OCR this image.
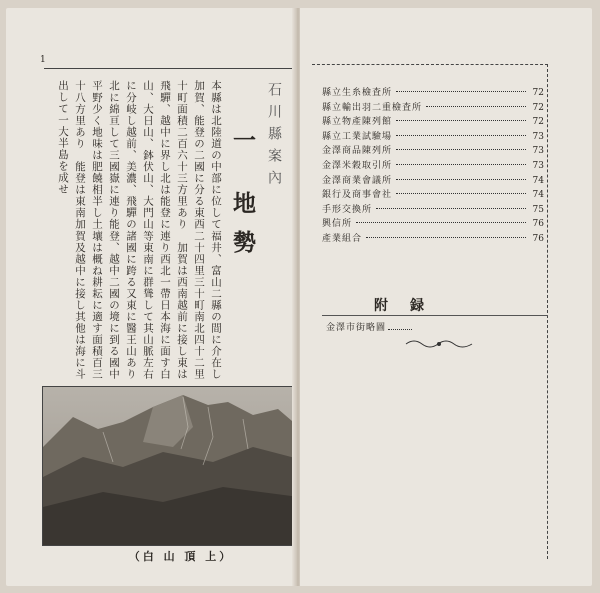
1
石川縣案內
一 地勢
本縣は北陸道の中部に位して福井、富山二縣の間に介在し加賀、能登の二國に分る東西二十四里三十町南北四十二里十町面積二百六十三方里あり　加賀は西南越前に接し東は飛驒、越中に界し北は能登に連り西北一帶日本海に面す白山、大日山、鉢伏山、大門山等東南に群聳して其山脈左右に分岐し越前、美濃、飛驒の諸國に跨る又東に醫王山あり北に綿亘して三國嶽に連り能登、越中二國の境に到る國中平野少く地味は肥饒相半し土壤は概ね耕耘に適す面積百三十八方里あり　能登は東南加賀及越中に接し其他は海に斗出して一大半島を成せ
（白 山 頂 上）
縣立生糸檢査所	72
縣立輸出羽二重檢査所	72
縣立物產陳列館	72
縣立工業試驗場	73
金澤商品陳列所	73
金澤米穀取引所	73
金澤商業會議所	74
銀行及商事會社	74
手形交換所	75
興信所	76
產業組合	76
附録
金澤市街略圖
